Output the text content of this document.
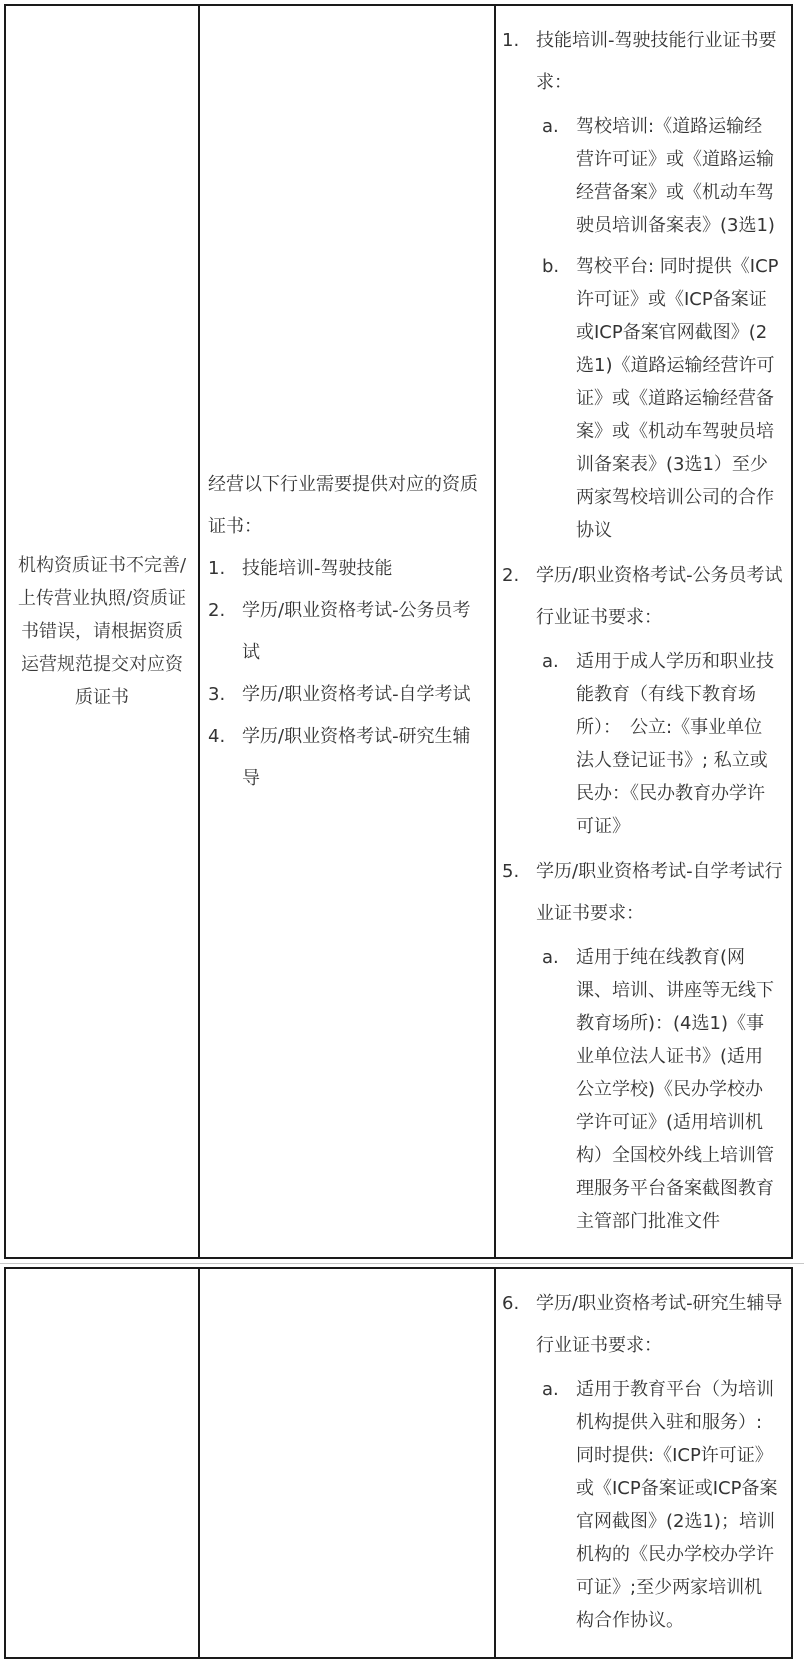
机构资质证书不完善/上传营业执照/资质证书错误，请根据资质运营规范提交对应资质证书
经营以下行业需要提供对应的资质证书：
1. 技能培训-驾驶技能
2. 学历/职业资格考试-公务员考试
3. 学历/职业资格考试-自学考试
4. 学历/职业资格考试-研究生辅导
1. 技能培训-驾驶技能行业证书要求：
a. 驾校培训:《道路运输经营许可证》或《道路运输经营备案》或《机动车驾驶员培训备案表》(3选1)
b. 驾校平台: 同时提供《ICP许可证》或《ICP备案证或ICP备案官网截图》(2选1)《道路运输经营许可证》或《道路运输经营备案》或《机动车驾驶员培训备案表》(3选1）至少两家驾校培训公司的合作协议
2. 学历/职业资格考试-公务员考试行业证书要求：
a. 适用于成人学历和职业技能教育（有线下教育场所）：　公立:《事业单位法人登记证书》; 私立或民办：《民办教育办学许可证》
5. 学历/职业资格考试-自学考试行业证书要求：
a. 适用于纯在线教育(网课、培训、讲座等无线下教育场所)：(4选1)《事业单位法人证书》(适用公立学校)《民办学校办学许可证》(适用培训机构）全国校外线上培训管理服务平台备案截图教育主管部门批准文件
6. 学历/职业资格考试-研究生辅导行业证书要求：
a. 适用于教育平台（为培训机构提供入驻和服务）: 同时提供:《ICP许可证》或《ICP备案证或ICP备案官网截图》(2选1)；培训机构的《民办学校办学许可证》;至少两家培训机构合作协议。
